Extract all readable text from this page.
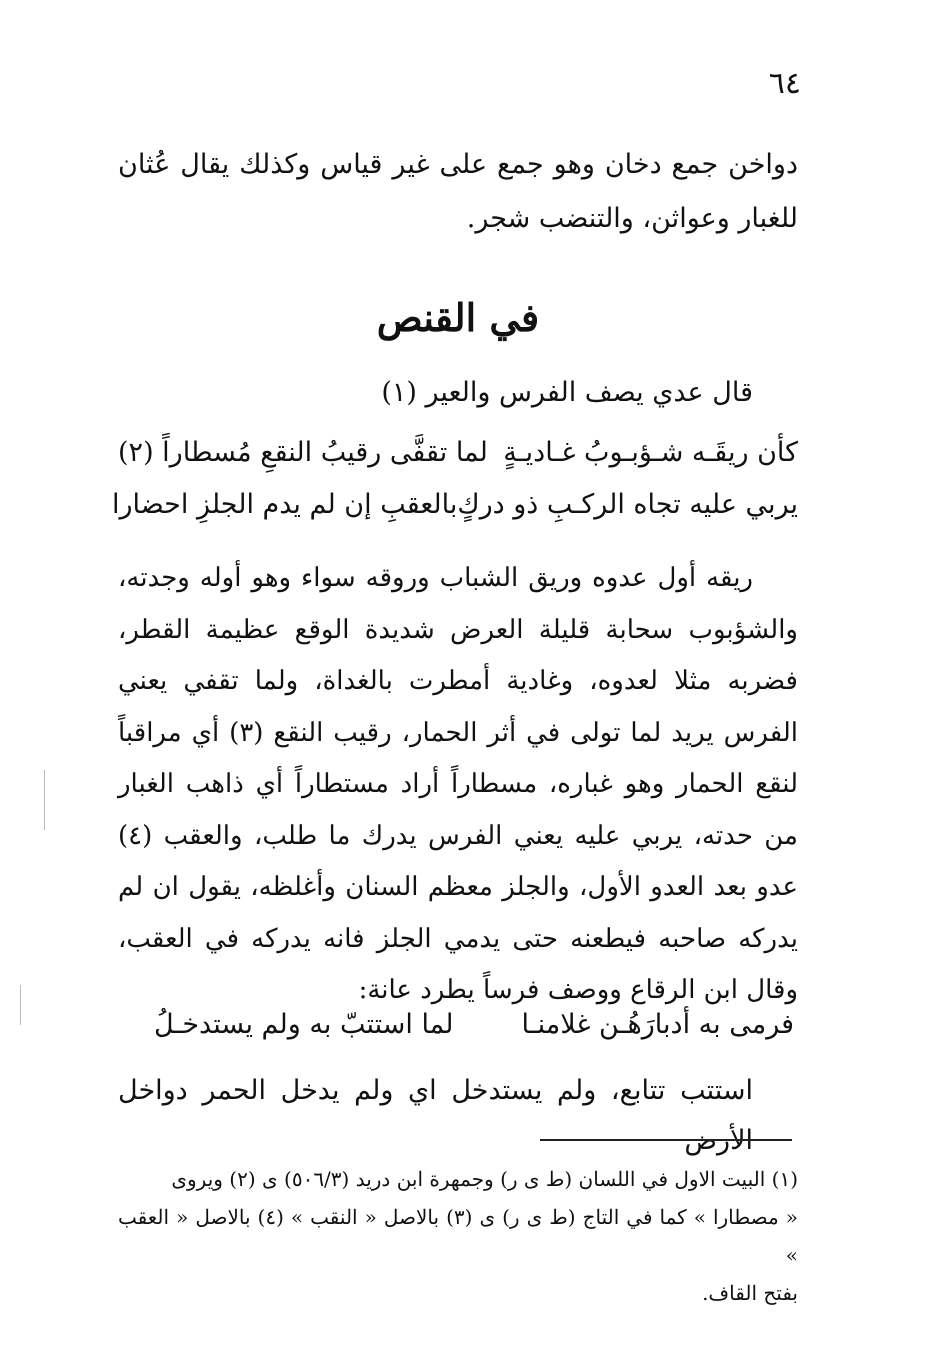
٦٤
دواخن جمع دخان وهو جمع على غير قياس وكذلك يقال عُثان للغبار وعواثن، والتنضب شجر.
في القنص
قال عدي يصف الفرس والعير (١)
كأن ريقَـه شـؤبـوبُ غـاديـةٍ
لما تقفَّى رقيبُ النقعِ مُسطاراً (٢)
يربي عليه تجاه الركـبِ ذو دركٍ
بالعقبِ إن لم يدم الجلزِ احضارا

ريقه أول عدوه وريق الشباب وروقه سواء وهو أوله وجدته، والشؤبوب سحابة قليلة العرض شديدة الوقع عظيمة القطر، فضربه مثلا لعدوه، وغادية أمطرت بالغداة، ولما تقفي يعني الفرس يريد لما تولى في أثر الحمار، رقيب النقع (٣) أي مراقباً لنقع الحمار وهو غباره، مسطاراً أراد مستطاراً أي ذاهب الغبار من حدته، يربي عليه يعني الفرس يدرك ما طلب، والعقب (٤) عدو بعد العدو الأول، والجلز معظم السنان وأغلظه، يقول ان لم يدركه صاحبه فيطعنه حتى يدمي الجلز فانه يدركه في العقب، وقال ابن الرقاع ووصف فرساً يطرد عانة:

فرمى به أدبارَهُـن غلامنـا
لما استتبّ به ولم يستدخـلُ
استتب تتابع، ولم يستدخل اي ولم يدخل الحمر دواخل الأرض

(١) البيت الاول في اللسان (ط ى ر) وجمهرة ابن دريد (٥٠٦/٣) ى (٢) ويروى

« مصطارا » كما في التاج (ط ى ر) ى (٣) بالاصل « النقب » (٤) بالاصل « العقب »

بفتح القاف.
